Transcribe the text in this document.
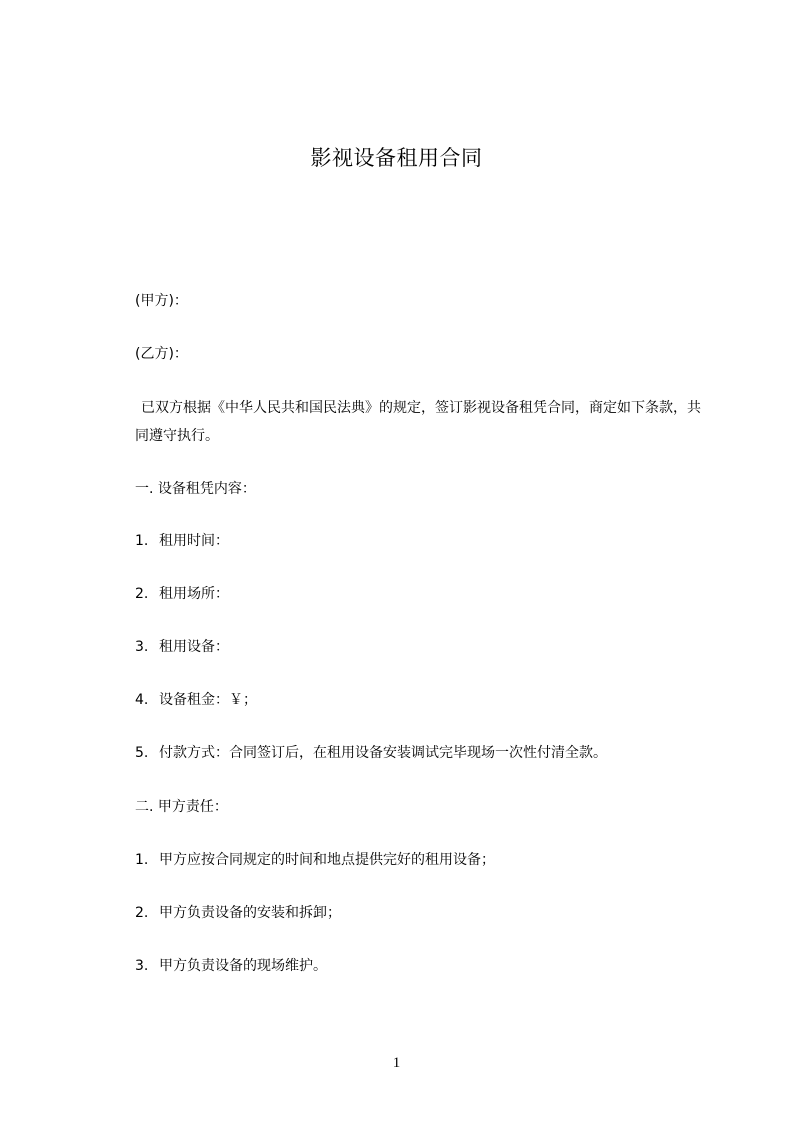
影视设备租用合同
(甲方)：
(乙方)：
已双方根据《中华人民共和国民法典》的规定，签订影视设备租凭合同，商定如下条款，共同遵守执行。
一. 设备租凭内容：
1. 租用时间：
2. 租用场所：
3. 租用设备：
4. 设备租金：￥；
5. 付款方式：合同签订后，在租用设备安装调试完毕现场一次性付清全款。
二. 甲方责任：
1. 甲方应按合同规定的时间和地点提供完好的租用设备；
2. 甲方负责设备的安装和拆卸；
3. 甲方负责设备的现场维护。
1
